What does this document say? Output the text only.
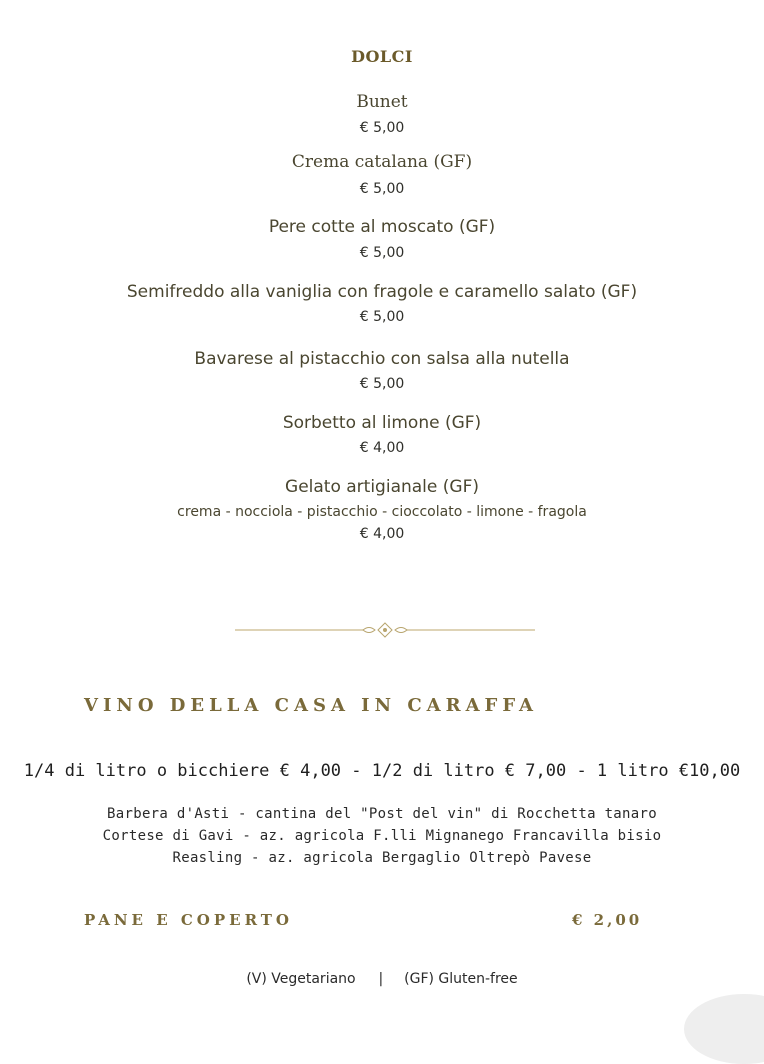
DOLCI
Bunet
€ 5,00
Crema catalana (GF)
€ 5,00
Pere cotte al moscato (GF)
€ 5,00
Semifreddo alla vaniglia con fragole e caramello salato (GF)
€ 5,00
Bavarese al pistacchio con salsa alla nutella
€ 5,00
Sorbetto al limone (GF)
€ 4,00
Gelato artigianale (GF)
crema - nocciola - pistacchio - cioccolato - limone - fragola
€ 4,00
VINO DELLA CASA IN CARAFFA
1/4 di litro o bicchiere € 4,00 - 1/2 di litro € 7,00 - 1 litro €10,00
Barbera d'Asti - cantina del "Post del vin" di Rocchetta tanaro
Cortese di Gavi - az. agricola F.lli Mignanego Francavilla bisio
Reasling - az. agricola Bergaglio Oltrepò Pavese
PANE E COPERTO	€ 2,00
(V) Vegetariano | (GF) Gluten-free
